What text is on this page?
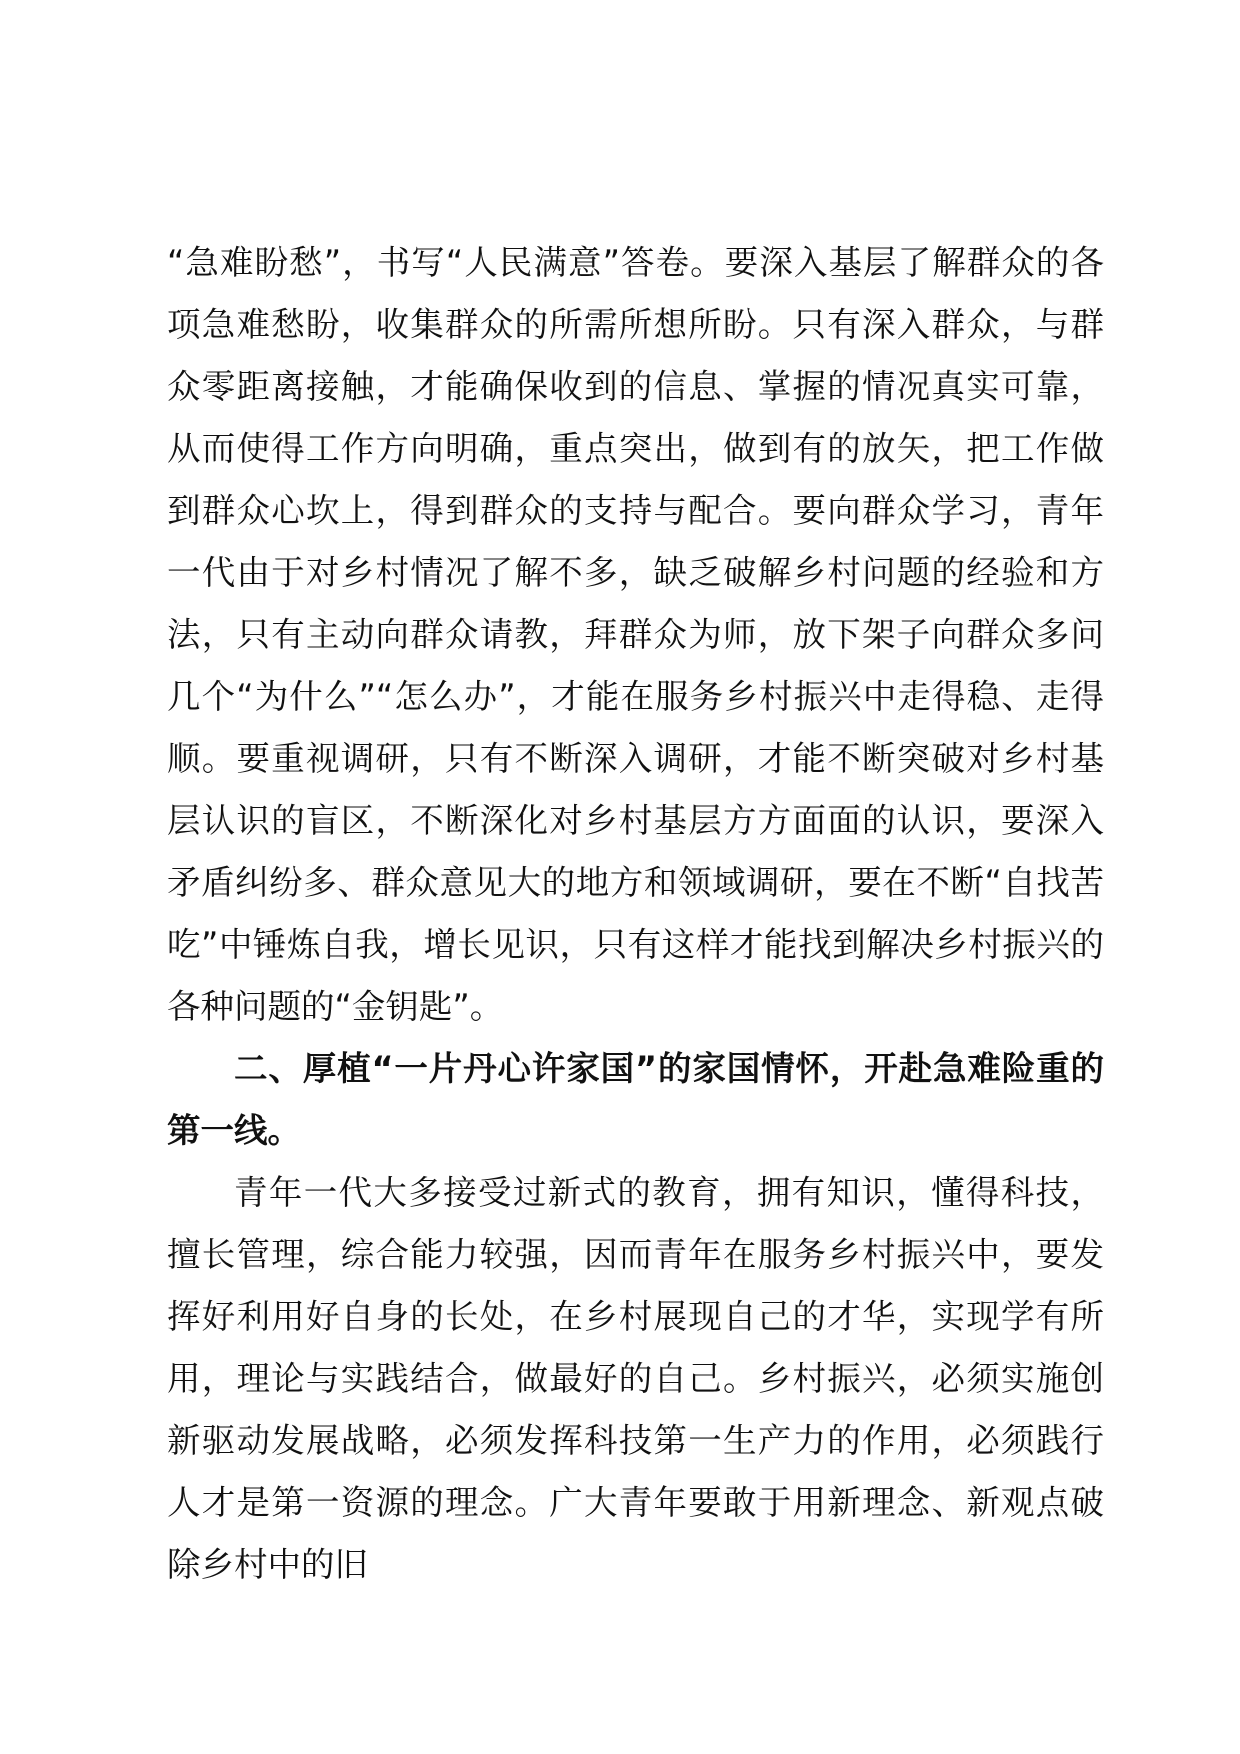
“急难盼愁”，书写“人民满意”答卷。要深入基层了解群众的各项急难愁盼，收集群众的所需所想所盼。只有深入群众，与群众零距离接触，才能确保收到的信息、掌握的情况真实可靠，从而使得工作方向明确，重点突出，做到有的放矢，把工作做到群众心坎上，得到群众的支持与配合。要向群众学习，青年一代由于对乡村情况了解不多，缺乏破解乡村问题的经验和方法，只有主动向群众请教，拜群众为师，放下架子向群众多问几个“为什么”“怎么办”，才能在服务乡村振兴中走得稳、走得顺。要重视调研，只有不断深入调研，才能不断突破对乡村基层认识的盲区，不断深化对乡村基层方方面面的认识，要深入矛盾纠纷多、群众意见大的地方和领域调研，要在不断“自找苦吃”中锤炼自我，增长见识，只有这样才能找到解决乡村振兴的各种问题的“金钥匙”。

二、厚植“一片丹心许家国”的家国情怀，开赴急难险重的第一线。

青年一代大多接受过新式的教育，拥有知识，懂得科技，擅长管理，综合能力较强，因而青年在服务乡村振兴中，要发挥好利用好自身的长处，在乡村展现自己的才华，实现学有所用，理论与实践结合，做最好的自己。乡村振兴，必须实施创新驱动发展战略，必须发挥科技第一生产力的作用，必须践行人才是第一资源的理念。广大青年要敢于用新理念、新观点破除乡村中的旧
